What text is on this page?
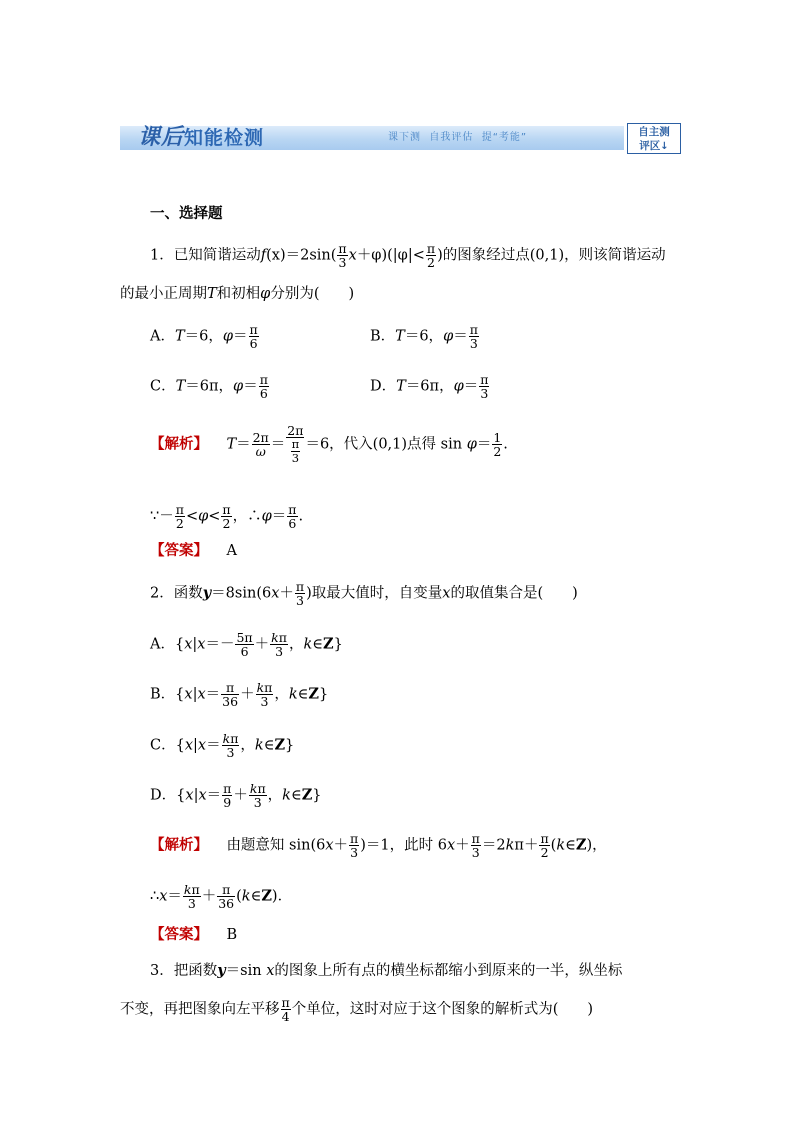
课后知能检测	课下测  自我评估  提“考能”	自主测
评区↓
一、选择题
1．已知简谐运动$f(x)=2\sin( \frac{\pi}{3} x+\varphi)(|\varphi|< \frac{\pi}{2}$ )的图象经过点(0,1)，则该简谐运动
的最小正周期T和初相φ分别为(　　)
A．T＝6，$\varphi= \frac{\pi}{6}$	B．T＝6，$\varphi= \frac{\pi}{3}$
C．T＝6π，$\varphi= \frac{\pi}{6}$	D．T＝6π，$\varphi= \frac{\pi}{3}$
【解析】 $T= \frac{2\pi}{\omega} = \frac{2\pi}{\frac{\pi}{3}} =6$，代入(0,1)点得 $\sin \varphi= \frac{1}{2}$ .
∵－ $\frac{\pi}{2} <\varphi< \frac{\pi}{2}$ ，∴φ＝ $\frac{\pi}{6}$ .
【答案】 A
2．函数$y=8\sin(6x+ \frac{\pi}{3}$ )取最大值时，自变量x的取值集合是(　　)
A．{$x|x=- \frac{5\pi}{6} + \frac{k\pi}{3}$ ，k∈Z}
B．{$x|x= \frac{\pi}{36} + \frac{k\pi}{3}$ ，k∈Z}
C．{$x|x= \frac{k\pi}{3}$ ，k∈Z}
D．{$x|x= \frac{\pi}{9} + \frac{k\pi}{3}$ ，k∈Z}
【解析】 由题意知 $\sin(6x+ \frac{\pi}{3} )=1$，此时 $6x+ \frac{\pi}{3} =2k\pi+ \frac{\pi}{2}$ (k∈Z)，
∴x＝ $\frac{k\pi}{3} + \frac{\pi}{36}$ (k∈Z)．
【答案】 B
3．把函数y＝sin x的图象上所有点的横坐标都缩小到原来的一半，纵坐标
不变，再把图象向左平移 $\frac{\pi}{4}$ 个单位，这时对应于这个图象的解析式为(　　)
